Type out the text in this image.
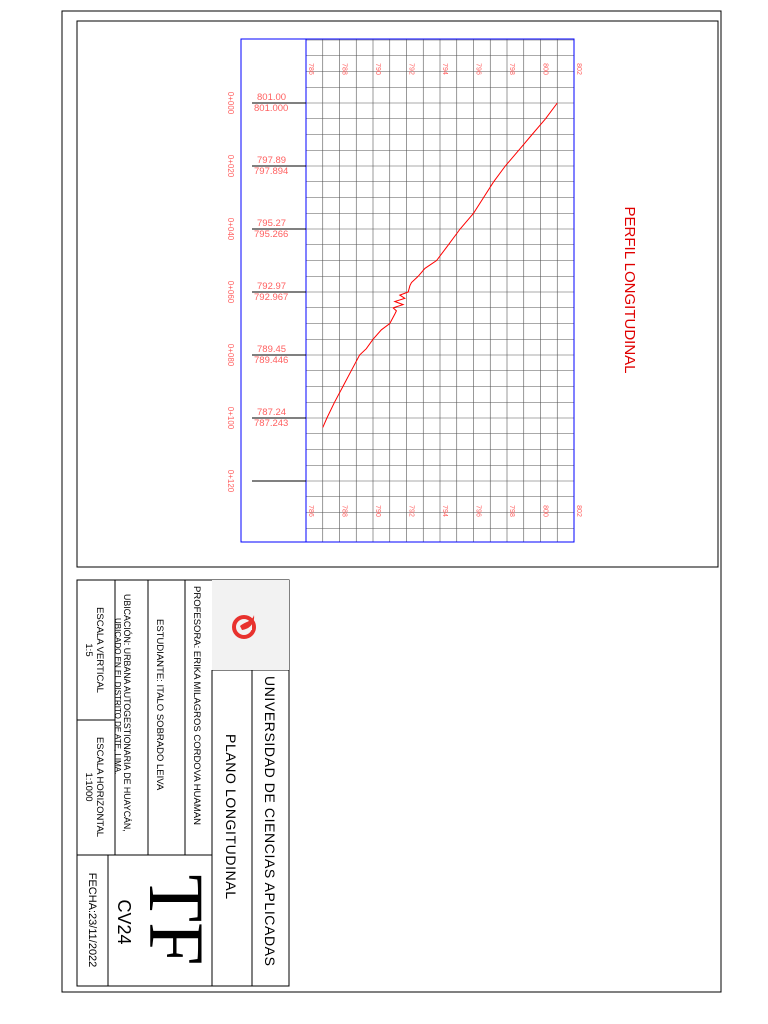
786	788	790	792	794	796	798	800	802
786	788	790	792	794	796	798	800	802
0+000
0+020
0+040
0+060
0+080
0+100
0+120
801.00
801.000
797.89
797.894
795.27
795.266
792.97
792.967
789.45
789.446
787.24
787.243
PERFIL LONGITUDINAL
UNIVERSIDAD DE CIENCIAS APLICADAS
PLANO LONGITUDINAL
PROFESORA: ERIKA MILAGROS CORDOVA HUAMAN
ESTUDIANTE: ITALO SOBRADO LEIVA
UBICACIÓN: URBANA AUTOGESTIONARIA DE HUAYCÁN,
UBICADO EN EL DISTRITO DE ATE, LIMA.
ESCALA VERTICAL
1:5
ESCALA HORIZONTAL
1:1000
TF
CV24
FECHA:23/11/2022
